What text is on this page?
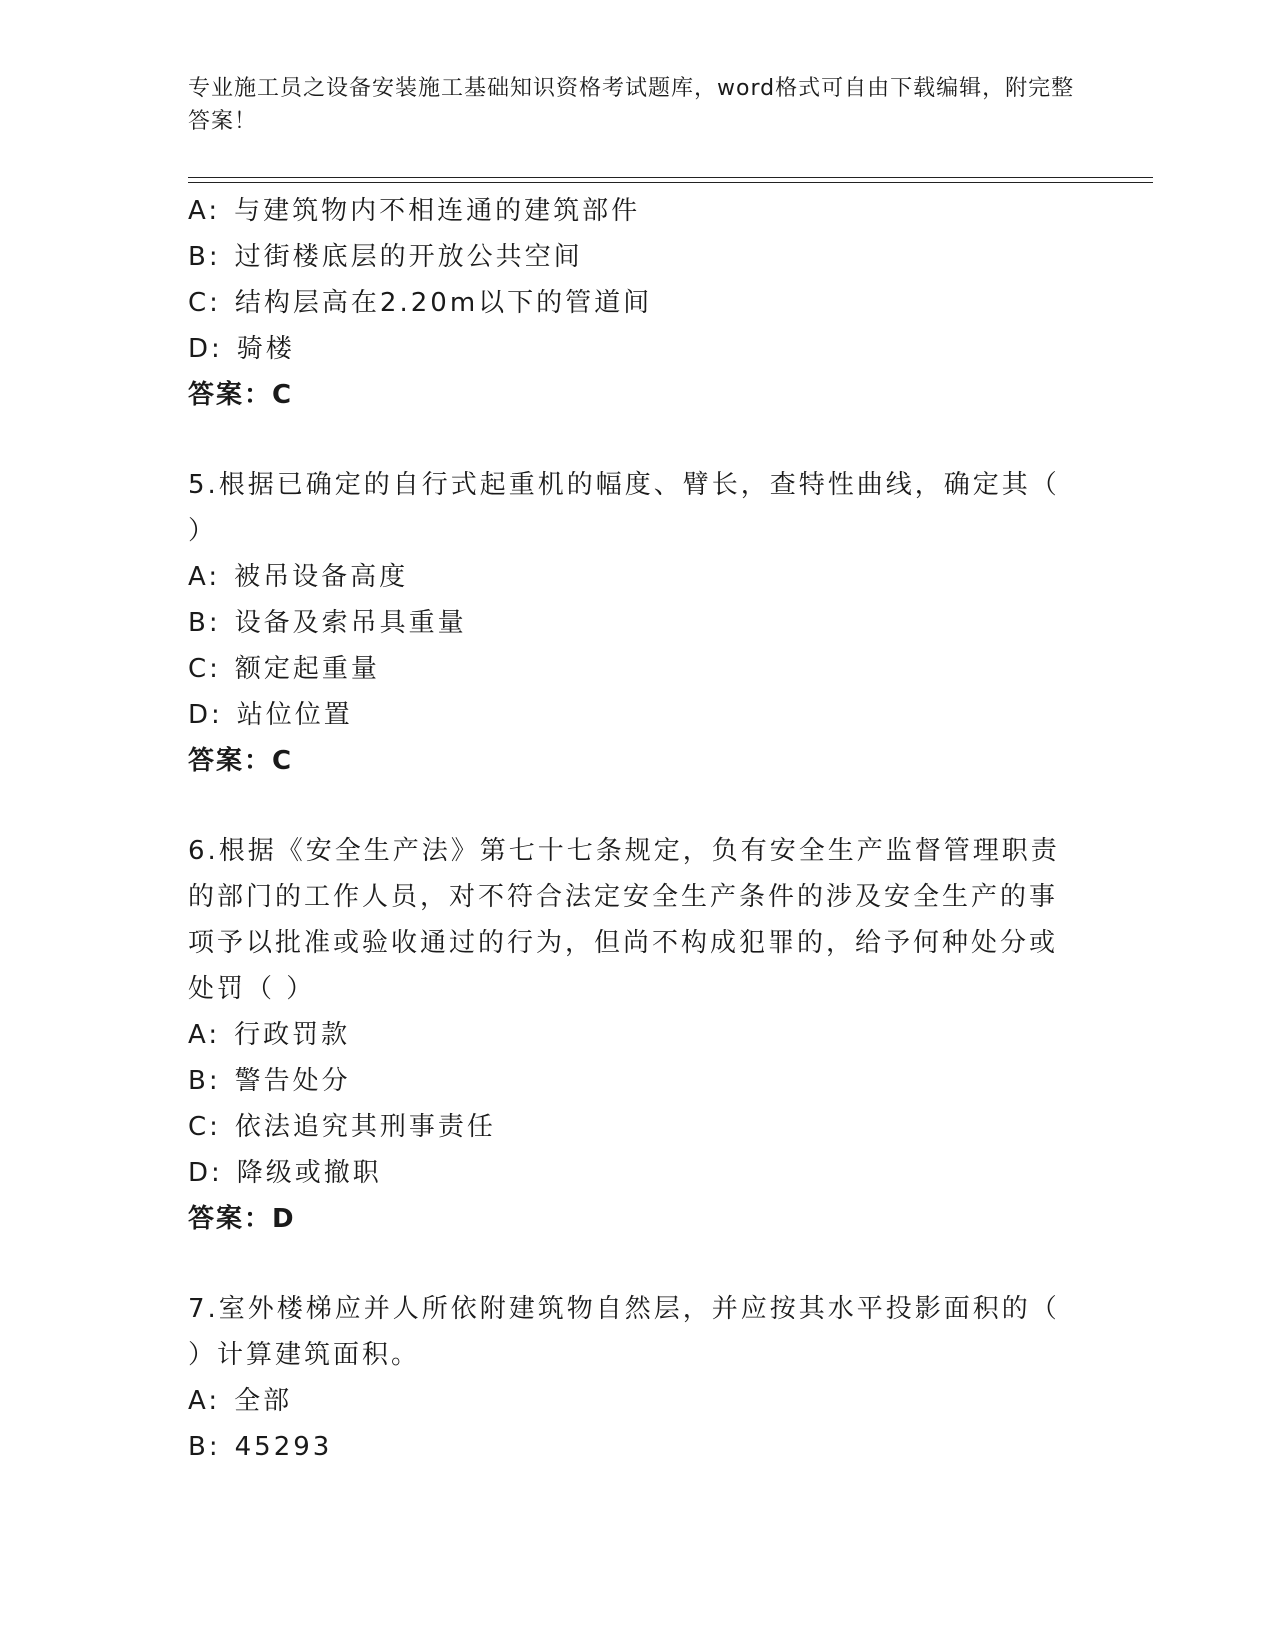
专业施工员之设备安装施工基础知识资格考试题库，word格式可自由下载编辑，附完整答案！
A: 与建筑物内不相连通的建筑部件
B: 过街楼底层的开放公共空间
C: 结构层高在2.20m以下的管道间
D: 骑楼
答案：C
5.根据已确定的自行式起重机的幅度、臂长，查特性曲线，确定其（ ）
A: 被吊设备高度
B: 设备及索吊具重量
C: 额定起重量
D: 站位位置
答案：C
6.根据《安全生产法》第七十七条规定，负有安全生产监督管理职责的部门的工作人员，对不符合法定安全生产条件的涉及安全生产的事项予以批准或验收通过的行为，但尚不构成犯罪的，给予何种处分或处罚（ ）
A: 行政罚款
B: 警告处分
C: 依法追究其刑事责任
D: 降级或撤职
答案：D
7.室外楼梯应并人所依附建筑物自然层，并应按其水平投影面积的（ ）计算建筑面积。
A: 全部
B: 45293
